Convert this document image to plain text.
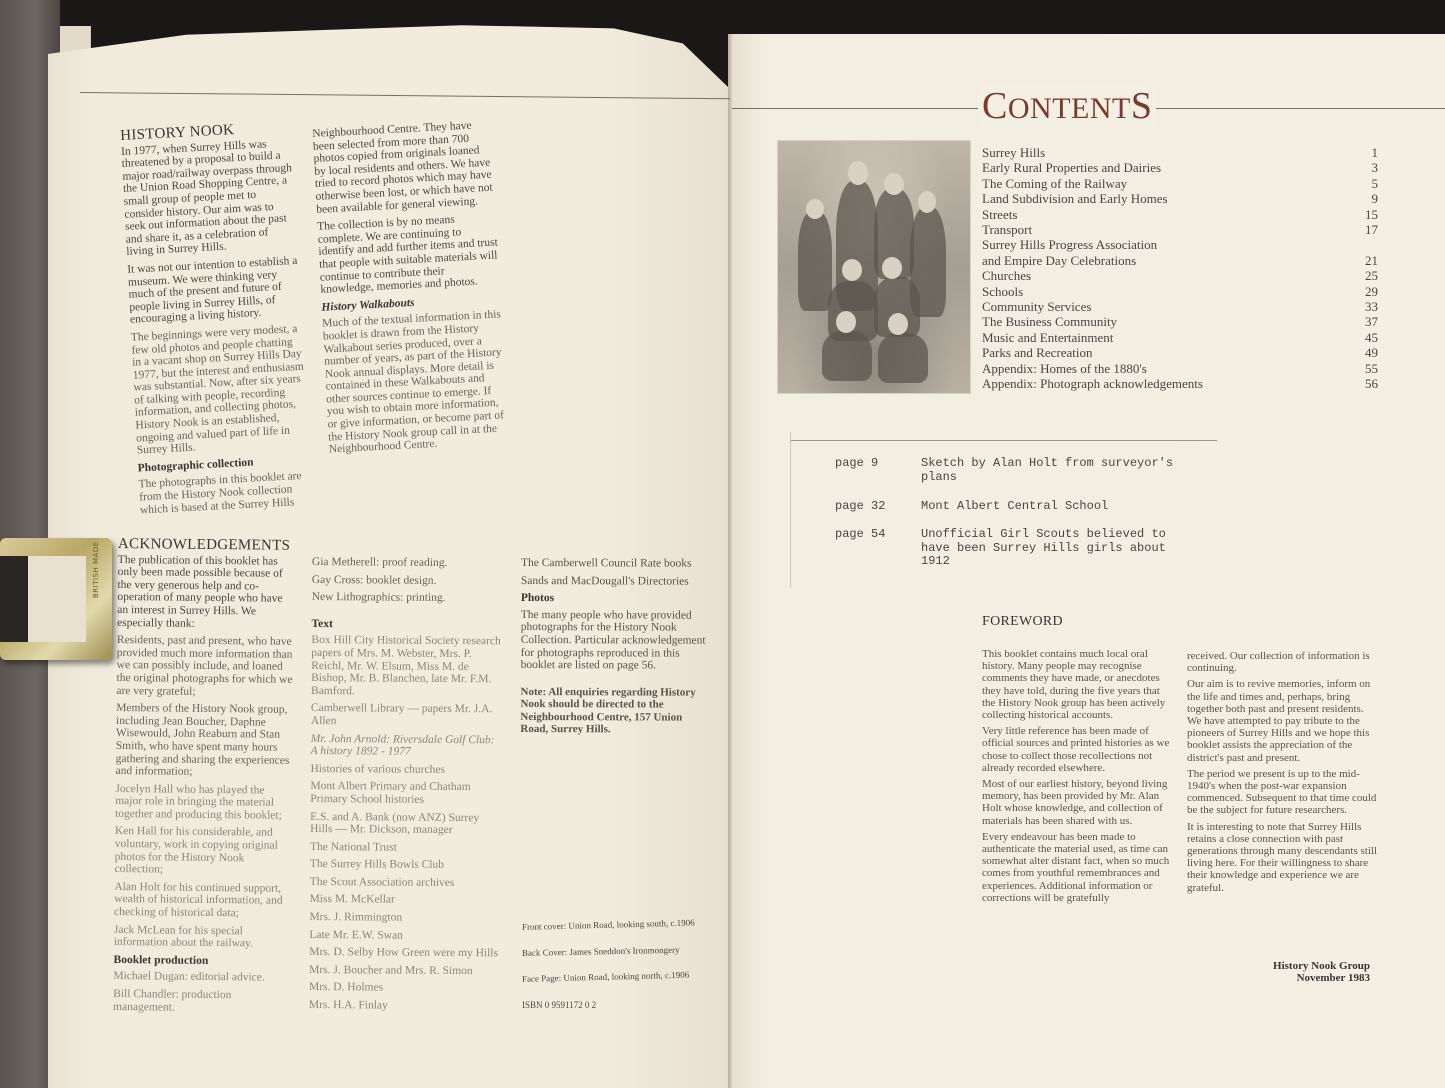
HISTORY NOOK

In 1977, when Surrey Hills was threatened by a proposal to build a major road/railway overpass through the Union Road Shopping Centre, a small group of people met to consider history. Our aim was to seek out information about the past and share it, as a celebration of living in Surrey Hills.

It was not our intention to establish a museum. We were thinking very much of the present and future of people living in Surrey Hills, of encouraging a living history.

The beginnings were very modest, a few old photos and people chatting in a vacant shop on Surrey Hills Day 1977, but the interest and enthusiasm was substantial. Now, after six years of talking with people, recording information, and collecting photos, History Nook is an established, ongoing and valued part of life in Surrey Hills.

Photographic collection

The photographs in this booklet are from the History Nook collection which is based at the Surrey Hills

Neighbourhood Centre. They have been selected from more than 700 photos copied from originals loaned by local residents and others. We have tried to record photos which may have otherwise been lost, or which have not been available for general viewing.

The collection is by no means complete. We are continuing to identify and add further items and trust that people with suitable materials will continue to contribute their knowledge, memories and photos.

History Walkabouts

Much of the textual information in this booklet is drawn from the History Walkabout series produced, over a number of years, as part of the History Nook annual displays. More detail is contained in these Walkabouts and other sources continue to emerge. If you wish to obtain more information, or give information, or become part of the History Nook group call in at the Neighbourhood Centre.

ACKNOWLEDGEMENTS

The publication of this booklet has only been made possible because of the very generous help and co-operation of many people who have an interest in Surrey Hills. We especially thank:

Residents, past and present, who have provided much more information than we can possibly include, and loaned the original photographs for which we are very grateful;

Members of the History Nook group, including Jean Boucher, Daphne Wisewould, John Reaburn and Stan Smith, who have spent many hours gathering and sharing the experiences and information;

Jocelyn Hall who has played the major role in bringing the material together and producing this booklet;

Ken Hall for his considerable, and voluntary, work in copying original photos for the History Nook collection;

Alan Holt for his continued support, wealth of historical information, and checking of historical data;

Jack McLean for his special information about the railway.

Booklet production

Michael Dugan: editorial advice.

Bill Chandler: production management.

Gia Metherell: proof reading.

Gay Cross: booklet design.

New Lithographics: printing.

Text

Box Hill City Historical Society research papers of Mrs. M. Webster, Mrs. P. Reichl, Mr. W. Elsum, Miss M. de Bishop, Mr. B. Blanchen, late Mr. F.M. Bamford.

Camberwell Library — papers Mr. J.A. Allen

Mr. John Arnold: Riversdale Golf Club: A history 1892 - 1977

Histories of various churches

Mont Albert Primary and Chatham Primary School histories

E.S. and A. Bank (now ANZ) Surrey Hills — Mr. Dickson, manager

The National Trust

The Surrey Hills Bowls Club

The Scout Association archives

Miss M. McKellar

Mrs. J. Rimmington

Late Mr. E.W. Swan

Mrs. D. Selby How Green were my Hills

Mrs. J. Boucher and Mrs. R. Simon

Mrs. D. Holmes

Mrs. H.A. Finlay

The Camberwell Council Rate books

Sands and MacDougall's Directories

Photos

The many people who have provided photographs for the History Nook Collection. Particular acknowledgement for photographs reproduced in this booklet are listed on page 56.

Note: All enquiries regarding History Nook should be directed to the Neighbourhood Centre, 157 Union Road, Surrey Hills.

Front cover: Union Road, looking south, c.1906
Back Cover: James Sneddon's Ironmongery
Face Page: Union Road, looking north, c.1906
ISBN 0 9591172 0 2
BRITISH MADE
CONTENTS
Surrey Hills	1
Early Rural Properties and Dairies	3
The Coming of the Railway	5
Land Subdivision and Early Homes	9
Streets	15
Transport	17
Surrey Hills Progress Association
and Empire Day Celebrations	21
Churches	25
Schools	29
Community Services	33
The Business Community	37
Music and Entertainment	45
Parks and Recreation	49
Appendix: Homes of the 1880's	55
Appendix: Photograph acknowledgements	56
page 9	Sketch by Alan Holt from surveyor's plans
page 32	Mont Albert Central School
page 54	Unofficial Girl Scouts believed to have been Surrey Hills girls about 1912
FOREWORD

This booklet contains much local oral history. Many people may recognise comments they have made, or anecdotes they have told, during the five years that the History Nook group has been actively collecting historical accounts.

Very little reference has been made of official sources and printed histories as we chose to collect those recollections not already recorded elsewhere.

Most of our earliest history, beyond living memory, has been provided by Mr. Alan Holt whose knowledge, and collection of materials has been shared with us.

Every endeavour has been made to authenticate the material used, as time can somewhat alter distant fact, when so much comes from youthful remembrances and experiences. Additional information or corrections will be gratefully

received. Our collection of information is continuing.

Our aim is to revive memories, inform on the life and times and, perhaps, bring together both past and present residents. We have attempted to pay tribute to the pioneers of Surrey Hills and we hope this booklet assists the appreciation of the district's past and present.

The period we present is up to the mid-1940's when the post-war expansion commenced. Subsequent to that time could be the subject for future researchers.

It is interesting to note that Surrey Hills retains a close connection with past generations through many descendants still living here. For their willingness to share their knowledge and experience we are grateful.

History Nook Group
November 1983
